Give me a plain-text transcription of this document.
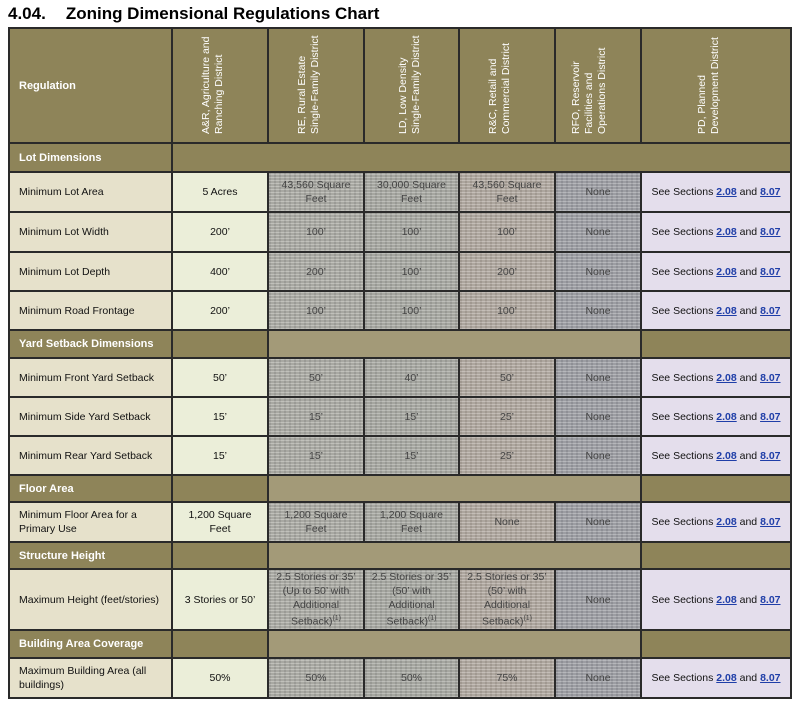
4.04. Zoning Dimensional Regulations Chart
Regulation	A&R, Agriculture and Ranching District	RE, Rural Estate Single-Family District	LD, Low Density Single-Family District	R&C, Retail and Commercial District	RFO, Reservoir Facilities and Operations District	PD, Planned Development District
Lot Dimensions						
Minimum Lot Area	5 Acres	43,560 Square Feet	30,000 Square Feet	43,560 Square Feet	None	See Sections 2.08 and 8.07
Minimum Lot Width	200’	100’	100’	100’	None	See Sections 2.08 and 8.07
Minimum Lot Depth	400’	200’	100’	200’	None	See Sections 2.08 and 8.07
Minimum Road Frontage	200’	100’	100’	100’	None	See Sections 2.08 and 8.07
Yard Setback Dimensions						
Minimum Front Yard Setback	50’	50’	40’	50’	None	See Sections 2.08 and 8.07
Minimum Side Yard Setback	15’	15’	15’	25’	None	See Sections 2.08 and 8.07
Minimum Rear Yard Setback	15’	15’	15’	25’	None	See Sections 2.08 and 8.07
Floor Area						
Minimum Floor Area for a Primary Use	1,200 Square Feet	1,200 Square Feet	1,200 Square Feet	None	None	See Sections 2.08 and 8.07
Structure Height						
Maximum Height (feet/stories)	3 Stories or 50’	2.5 Stories or 35’ (Up to 50’ with Additional Setback)$^{(1)}$	2.5 Stories or 35’ (50’ with Additional Setback)$^{(1)}$	2.5 Stories or 35’ (50’ with Additional Setback)$^{(1)}$	None	See Sections 2.08 and 8.07
Building Area Coverage						
Maximum Building Area (all buildings)	50%	50%	50%	75%	None	See Sections 2.08 and 8.07
